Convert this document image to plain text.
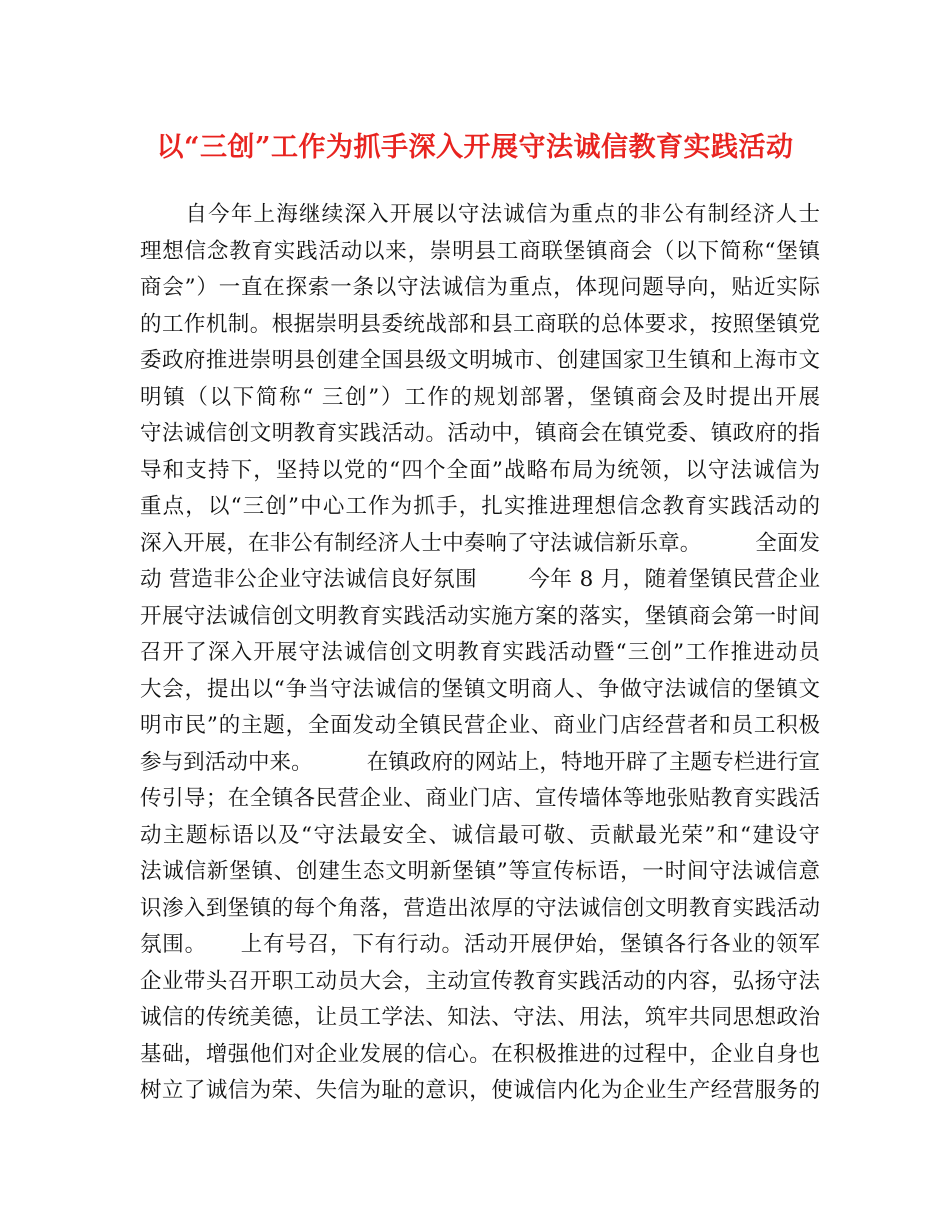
以“三创”工作为抓手深入开展守法诚信教育实践活动
　　自今年上海继续深入开展以守法诚信为重点的非公有制经济人士
理想信念教育实践活动以来，崇明县工商联堡镇商会（以下简称“堡镇
商会”）一直在探索一条以守法诚信为重点，体现问题导向，贴近实际
的工作机制。根据崇明县委统战部和县工商联的总体要求，按照堡镇党
委政府推进崇明县创建全国县级文明城市、创建国家卫生镇和上海市文
明镇（以下简称“ 三创”）工作的规划部署，堡镇商会及时提出开展
守法诚信创文明教育实践活动。活动中，镇商会在镇党委、镇政府的指
导和支持下，坚持以党的“四个全面”战略布局为统领，以守法诚信为
重点，以“三创”中心工作为抓手，扎实推进理想信念教育实践活动的
深入开展，在非公有制经济人士中奏响了守法诚信新乐章。　　　全面发
动 营造非公企业守法诚信良好氛围　　 今年 8 月，随着堡镇民营企业
开展守法诚信创文明教育实践活动实施方案的落实，堡镇商会第一时间
召开了深入开展守法诚信创文明教育实践活动暨“三创”工作推进动员
大会，提出以“争当守法诚信的堡镇文明商人、争做守法诚信的堡镇文
明市民”的主题，全面发动全镇民营企业、商业门店经营者和员工积极
参与到活动中来。　　　在镇政府的网站上，特地开辟了主题专栏进行宣
传引导；在全镇各民营企业、商业门店、宣传墙体等地张贴教育实践活
动主题标语以及“守法最安全、诚信最可敬、贡献最光荣”和“建设守
法诚信新堡镇、创建生态文明新堡镇”等宣传标语，一时间守法诚信意
识渗入到堡镇的每个角落，营造出浓厚的守法诚信创文明教育实践活动
氛围。　　上有号召，下有行动。活动开展伊始，堡镇各行各业的领军
企业带头召开职工动员大会，主动宣传教育实践活动的内容，弘扬守法
诚信的传统美德，让员工学法、知法、守法、用法，筑牢共同思想政治
基础，增强他们对企业发展的信心。在积极推进的过程中，企业自身也
树立了诚信为荣、失信为耻的意识，使诚信内化为企业生产经营服务的
